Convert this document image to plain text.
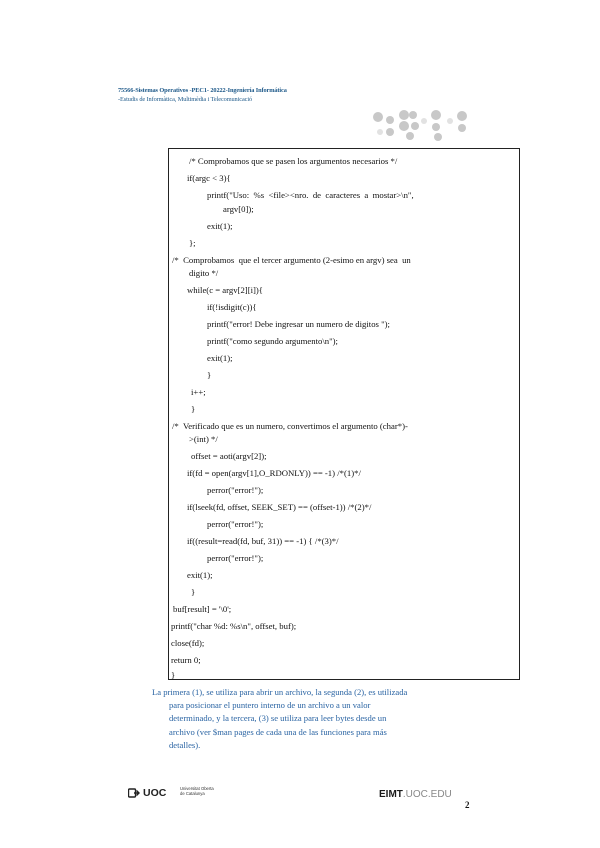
75566-Sistemas Operativos -PEC1- 20222-Ingeniería Informática
-Estudis de Informàtica, Multimèdia i Telecomunicació
/* Comprobamos que se pasen los argumentos necesarios */
if(argc < 3){
printf("Uso:  %s  <file><nro.  de  caracteres  a  mostar>\n",
argv[0]);
exit(1);
};
/*  Comprobamos  que el tercer argumento (2-esimo en argv) sea  un
digito */
while(c = argv[2][i]){
if(!isdigit(c)){
printf("error! Debe ingresar un numero de digitos ");
printf("como segundo argumento\n");
exit(1);
}
i++;
}
/*  Verificado que es un numero, convertimos el argumento (char*)-
>(int) */
offset = aoti(argv[2]);
if(fd = open(argv[1],O_RDONLY)) == -1) /*(1)*/
perror("error!");
if(lseek(fd, offset, SEEK_SET) == (offset-1)) /*(2)*/
perror("error!");
if((result=read(fd, buf, 31)) == -1) { /*(3)*/
perror("error!");
exit(1);
}
buf[result] = '\0';
printf("char %d: %s\n", offset, buf);
close(fd);
return 0;
}
La primera (1), se utiliza para abrir un archivo, la segunda (2), es utilizada
para posicionar el puntero interno de un archivo a un valor
determinado, y la tercera, (3) se utiliza para leer bytes desde un
archivo (ver $man pages de cada una de las funciones para más
detalles).
UOC	Universitat Oberta
de Catalunya	EIMT.UOC.EDU
2
